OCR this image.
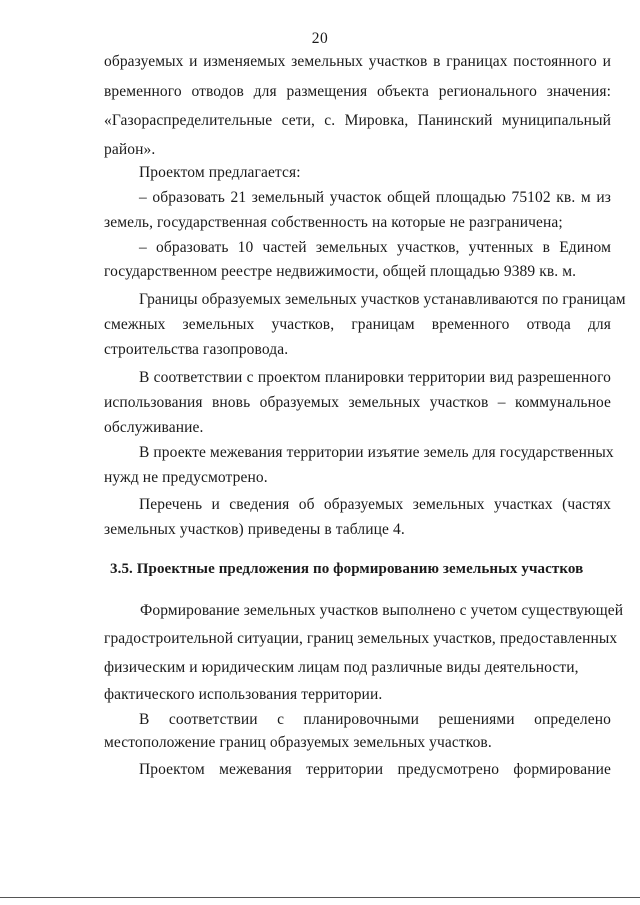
20
образуемых и изменяемых земельных участков в границах постоянного и
временного отводов для размещения объекта регионального значения:
«Газораспределительные сети, с. Мировка, Панинский муниципальный
район».
Проектом предлагается:
– образовать 21 земельный участок общей площадью 75102 кв. м из
земель, государственная собственность на которые не разграничена;
– образовать 10 частей земельных участков, учтенных в Едином
государственном реестре недвижимости, общей площадью 9389 кв. м.
Границы образуемых земельных участков устанавливаются по границам
смежных земельных участков, границам временного отвода для
строительства газопровода.
В соответствии с проектом планировки территории вид разрешенного
использования вновь образуемых земельных участков – коммунальное
обслуживание.
В проекте межевания территории изъятие земель для государственных
нужд не предусмотрено.
Перечень и сведения об образуемых земельных участках (частях
земельных участков) приведены в таблице 4.
3.5. Проектные предложения по формированию земельных участков
Формирование земельных участков выполнено с учетом существующей
градостроительной ситуации, границ земельных участков, предоставленных
физическим и юридическим лицам под различные виды деятельности,
фактического использования территории.
В соответствии с планировочными решениями определено
местоположение границ образуемых земельных участков.
Проектом межевания территории предусмотрено формирование
